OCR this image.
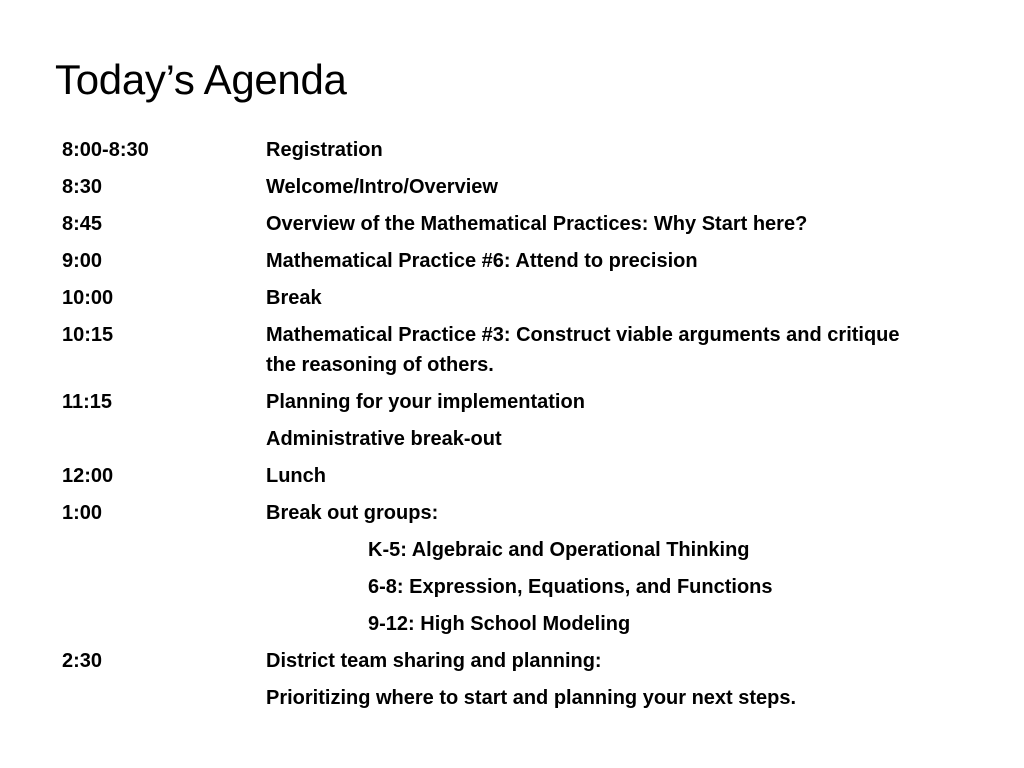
Today’s Agenda
8:00-8:30	Registration
8:30	Welcome/Intro/Overview
8:45	Overview of the Mathematical Practices: Why Start here?
9:00	Mathematical Practice #6: Attend to precision
10:00	Break
10:15	Mathematical Practice #3: Construct viable arguments and critique the reasoning of others.
11:15	Planning for your implementation
Administrative break-out
12:00	Lunch
1:00	Break out groups:
K-5: Algebraic and Operational Thinking
6-8: Expression, Equations, and Functions
9-12: High School Modeling
2:30	District team sharing and planning:
Prioritizing where to start and planning your next steps.
